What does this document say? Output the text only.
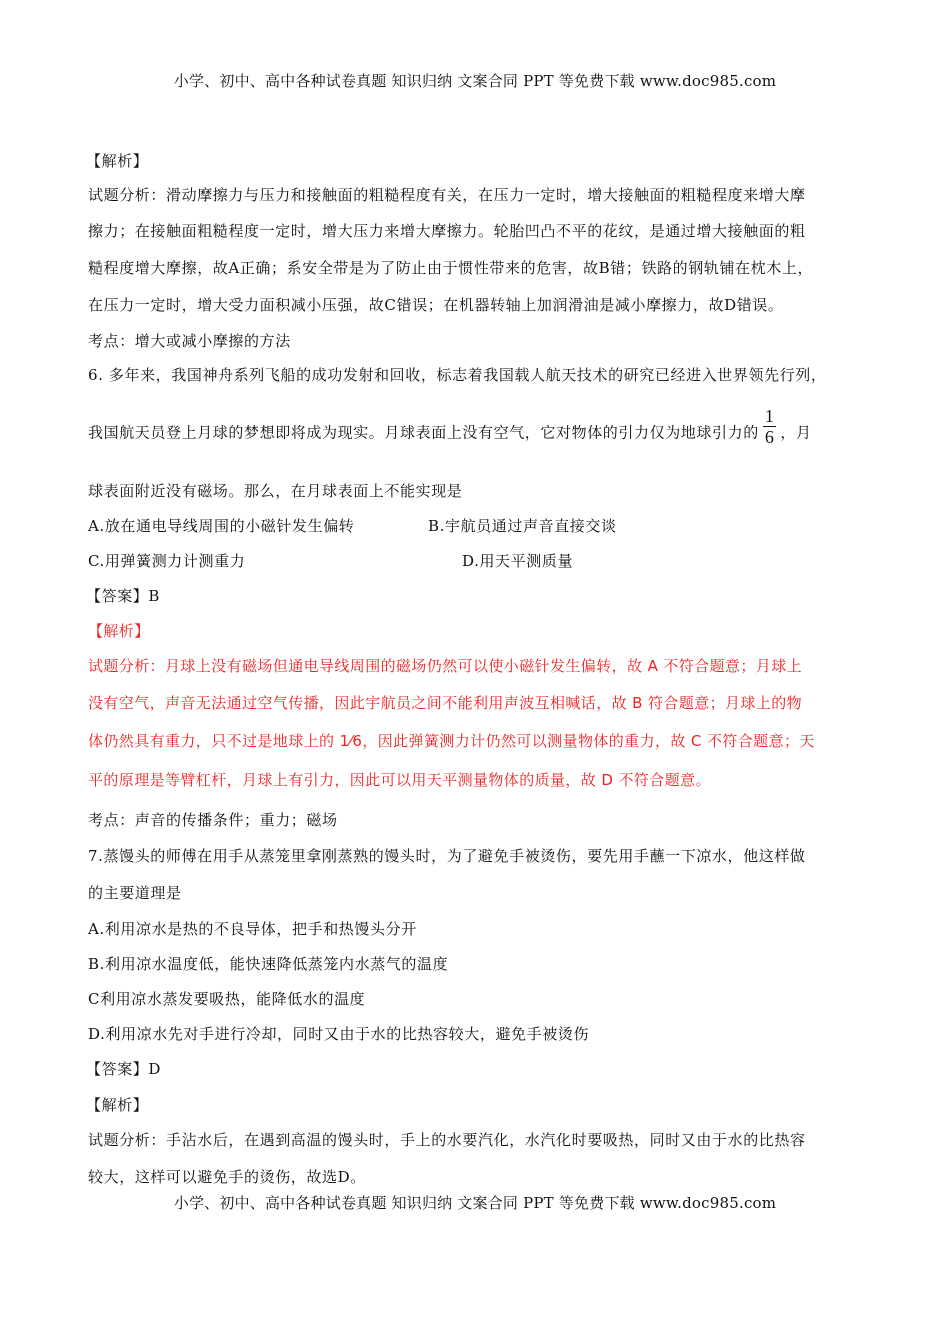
小学、初中、高中各种试卷真题 知识归纳 文案合同 PPT 等免费下载 www.doc985.com
【解析】
试题分析：滑动摩擦力与压力和接触面的粗糙程度有关，在压力一定时，增大接触面的粗糙程度来增大摩
擦力；在接触面粗糙程度一定时，增大压力来增大摩擦力。轮胎凹凸不平的花纹，是通过增大接触面的粗
糙程度增大摩擦，故A正确；系安全带是为了防止由于惯性带来的危害，故B错；铁路的钢轨铺在枕木上，
在压力一定时，增大受力面积减小压强，故C错误；在机器转轴上加润滑油是减小摩擦力，故D错误。
考点：增大或减小摩擦的方法
6. 多年来，我国神舟系列飞船的成功发射和回收，标志着我国载人航天技术的研究已经进入世界领先行列，
我国航天员登上月球的梦想即将成为现实。月球表面上没有空气，它对物体的引力仅为地球引力的 $\frac{1}{6}$ ，月
球表面附近没有磁场。那么，在月球表面上不能实现是
A.放在通电导线周围的小磁针发生偏转	B.宇航员通过声音直接交谈
C.用弹簧测力计测重力	D.用天平测质量
【答案】B
【解析】
试题分析：月球上没有磁场但通电导线周围的磁场仍然可以使小磁针发生偏转，故 A 不符合题意；月球上
没有空气，声音无法通过空气传播，因此宇航员之间不能利用声波互相喊话，故 B 符合题意；月球上的物
体仍然具有重力，只不过是地球上的 1⁄6，因此弹簧测力计仍然可以测量物体的重力，故 C 不符合题意；天
平的原理是等臂杠杆，月球上有引力，因此可以用天平测量物体的质量，故 D 不符合题意。
考点：声音的传播条件；重力；磁场
7.蒸馒头的师傅在用手从蒸笼里拿刚蒸熟的馒头时，为了避免手被烫伤，要先用手蘸一下凉水，他这样做
的主要道理是
A.利用凉水是热的不良导体，把手和热馒头分开
B.利用凉水温度低，能快速降低蒸笼内水蒸气的温度
C利用凉水蒸发要吸热，能降低水的温度
D.利用凉水先对手进行冷却，同时又由于水的比热容较大，避免手被烫伤
【答案】D
【解析】
试题分析：手沾水后，在遇到高温的馒头时，手上的水要汽化，水汽化时要吸热，同时又由于水的比热容
较大，这样可以避免手的烫伤，故选D。
小学、初中、高中各种试卷真题 知识归纳 文案合同 PPT 等免费下载 www.doc985.com
